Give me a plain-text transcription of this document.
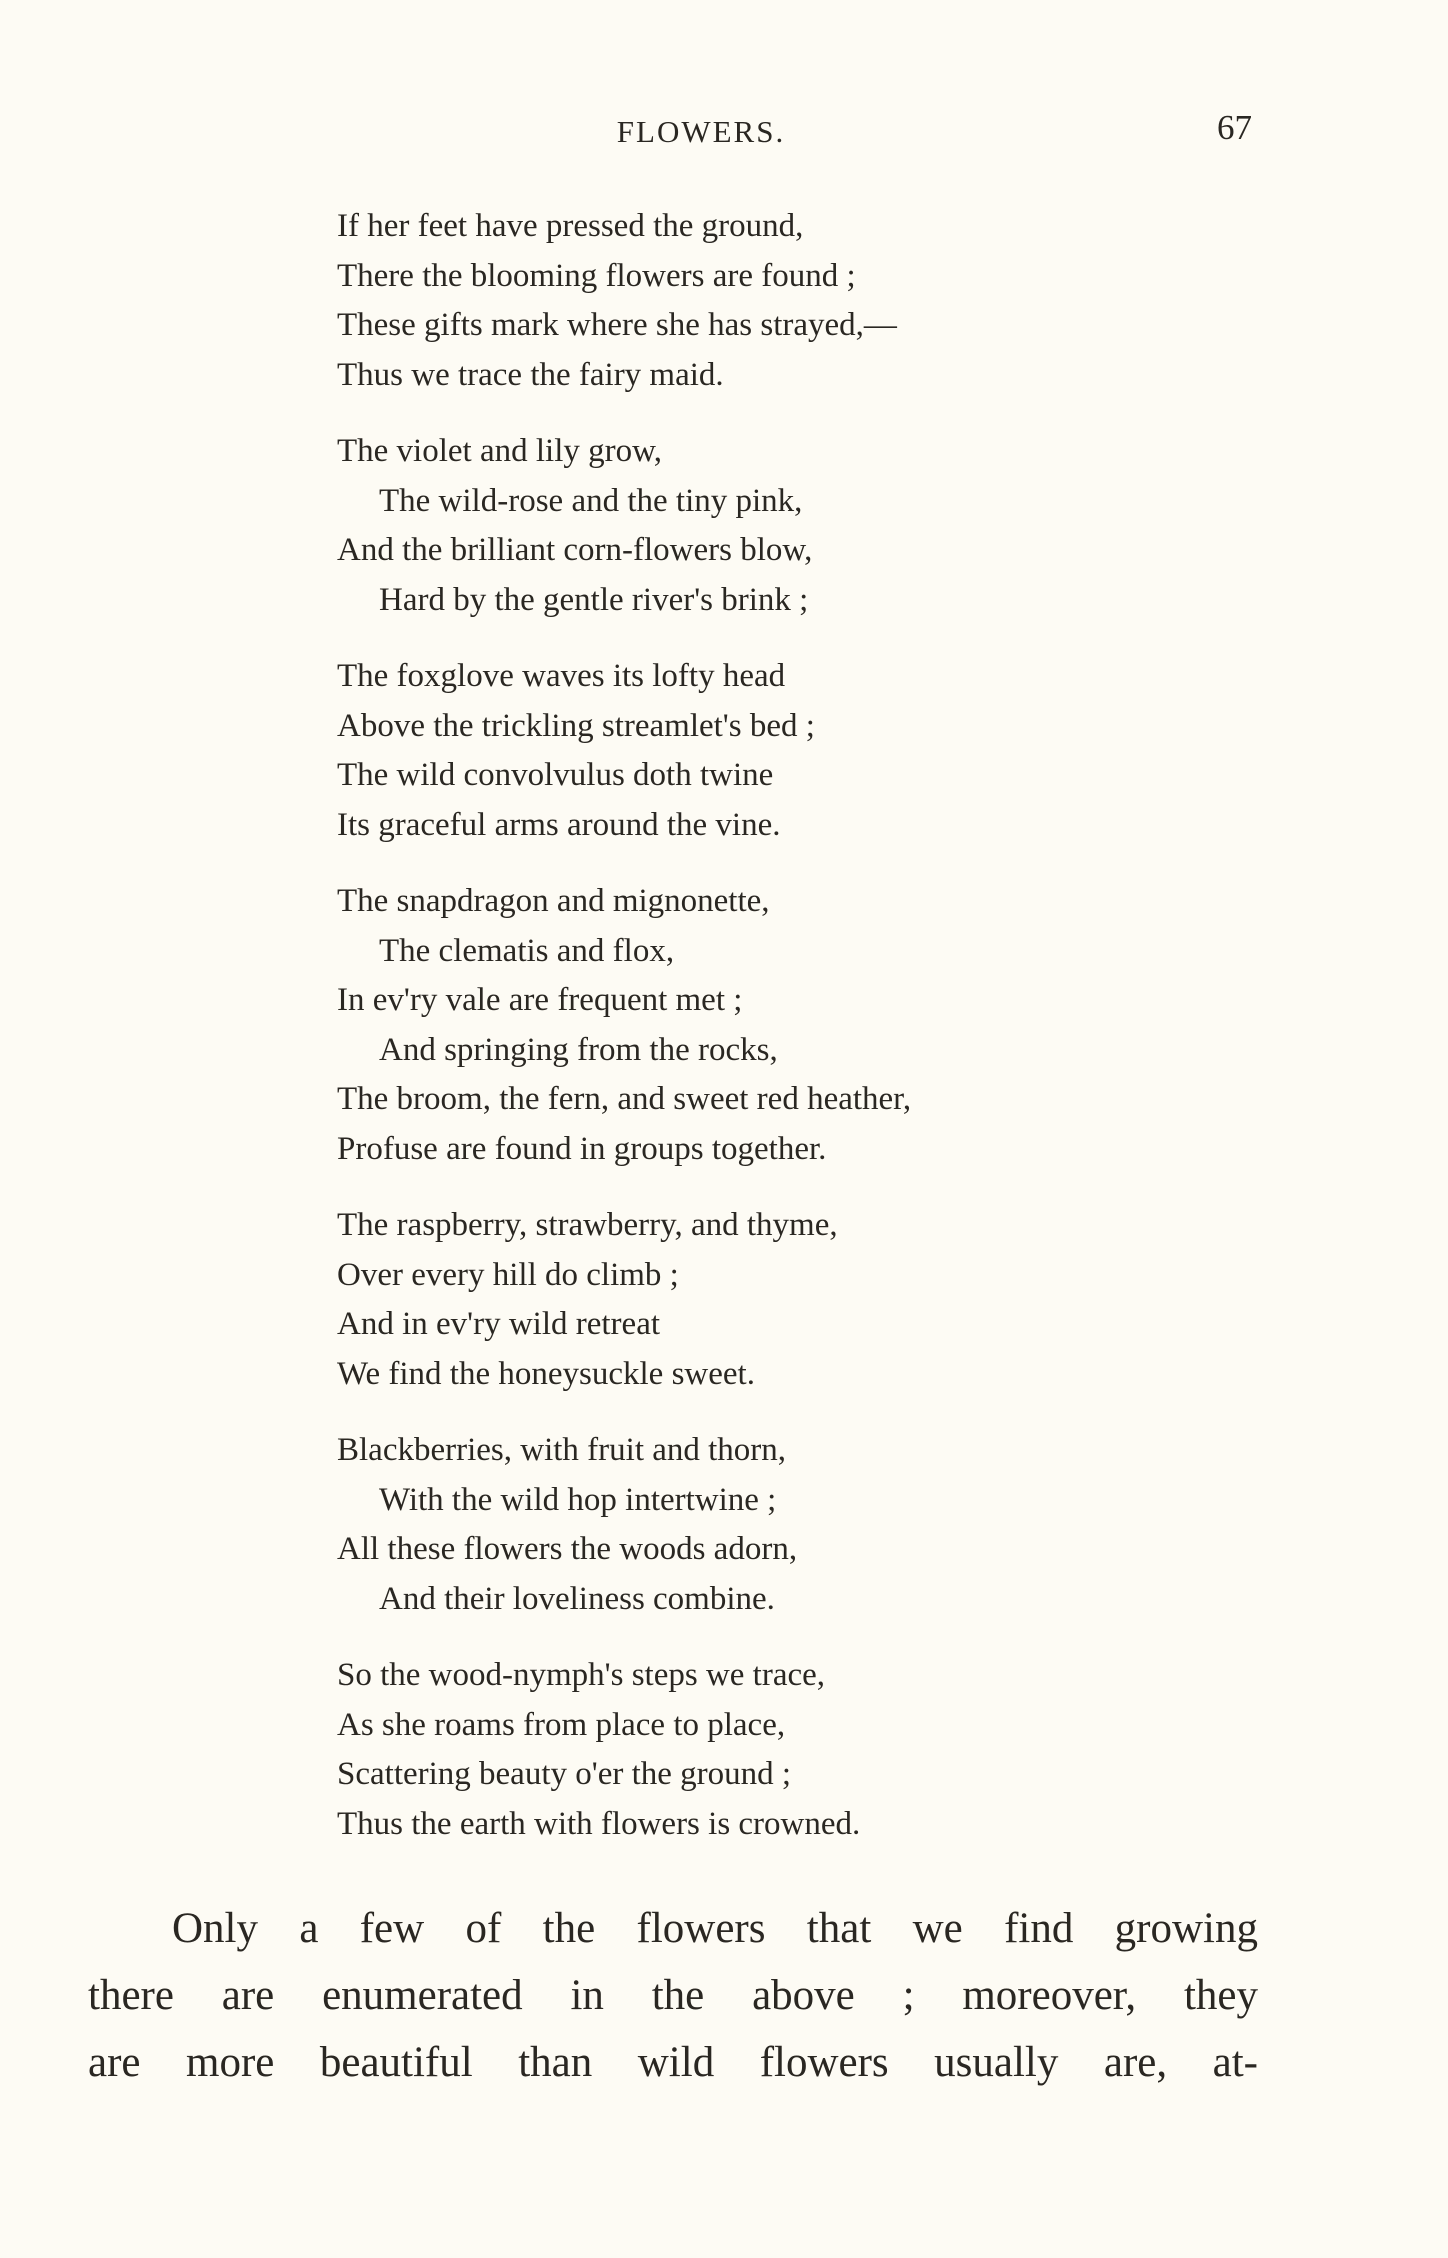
FLOWERS.	67
If her feet have pressed the ground,
There the blooming flowers are found ;
These gifts mark where she has strayed,—
Thus we trace the fairy maid.
The violet and lily grow,
The wild-rose and the tiny pink,
And the brilliant corn-flowers blow,
Hard by the gentle river's brink ;
The foxglove waves its lofty head
Above the trickling streamlet's bed ;
The wild convolvulus doth twine
Its graceful arms around the vine.
The snapdragon and mignonette,
The clematis and flox,
In ev'ry vale are frequent met ;
And springing from the rocks,
The broom, the fern, and sweet red heather,
Profuse are found in groups together.
The raspberry, strawberry, and thyme,
Over every hill do climb ;
And in ev'ry wild retreat
We find the honeysuckle sweet.
Blackberries, with fruit and thorn,
With the wild hop intertwine ;
All these flowers the woods adorn,
And their loveliness combine.
So the wood-nymph's steps we trace,
As she roams from place to place,
Scattering beauty o'er the ground ;
Thus the earth with flowers is crowned.
Only a few of the flowers that we find growing
there are enumerated in the above ; moreover, they
are more beautiful than wild flowers usually are, at-
